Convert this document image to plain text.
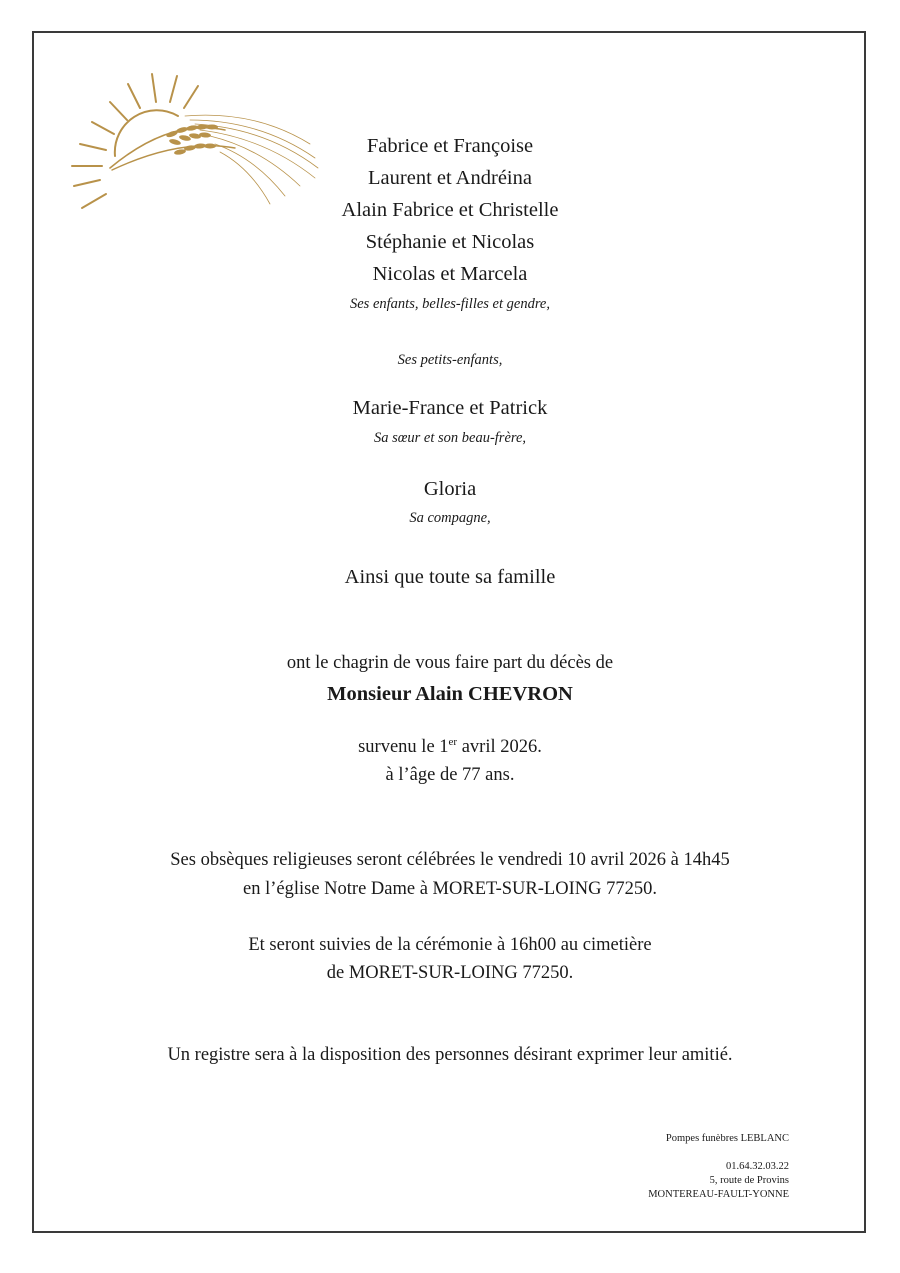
Fabrice et Françoise
Laurent et Andréina
Alain Fabrice et Christelle
Stéphanie et Nicolas
Nicolas et Marcela
Ses enfants, belles-filles et gendre,
Ses petits-enfants,
Marie-France et Patrick
Sa sœur et son beau-frère,
Gloria
Sa compagne,
Ainsi que toute sa famille
ont le chagrin de vous faire part du décès de
Monsieur Alain CHEVRON
survenu le 1er avril 2026.
à l’âge de 77 ans.
Ses obsèques religieuses seront célébrées le vendredi 10 avril 2026 à 14h45
en l’église Notre Dame à MORET-SUR-LOING 77250.
Et seront suivies de la cérémonie à 16h00 au cimetière
de MORET-SUR-LOING 77250.
Un registre sera à la disposition des personnes désirant exprimer leur amitié.
Pompes funèbres LEBLANC
01.64.32.03.22
5, route de Provins
MONTEREAU-FAULT-YONNE
